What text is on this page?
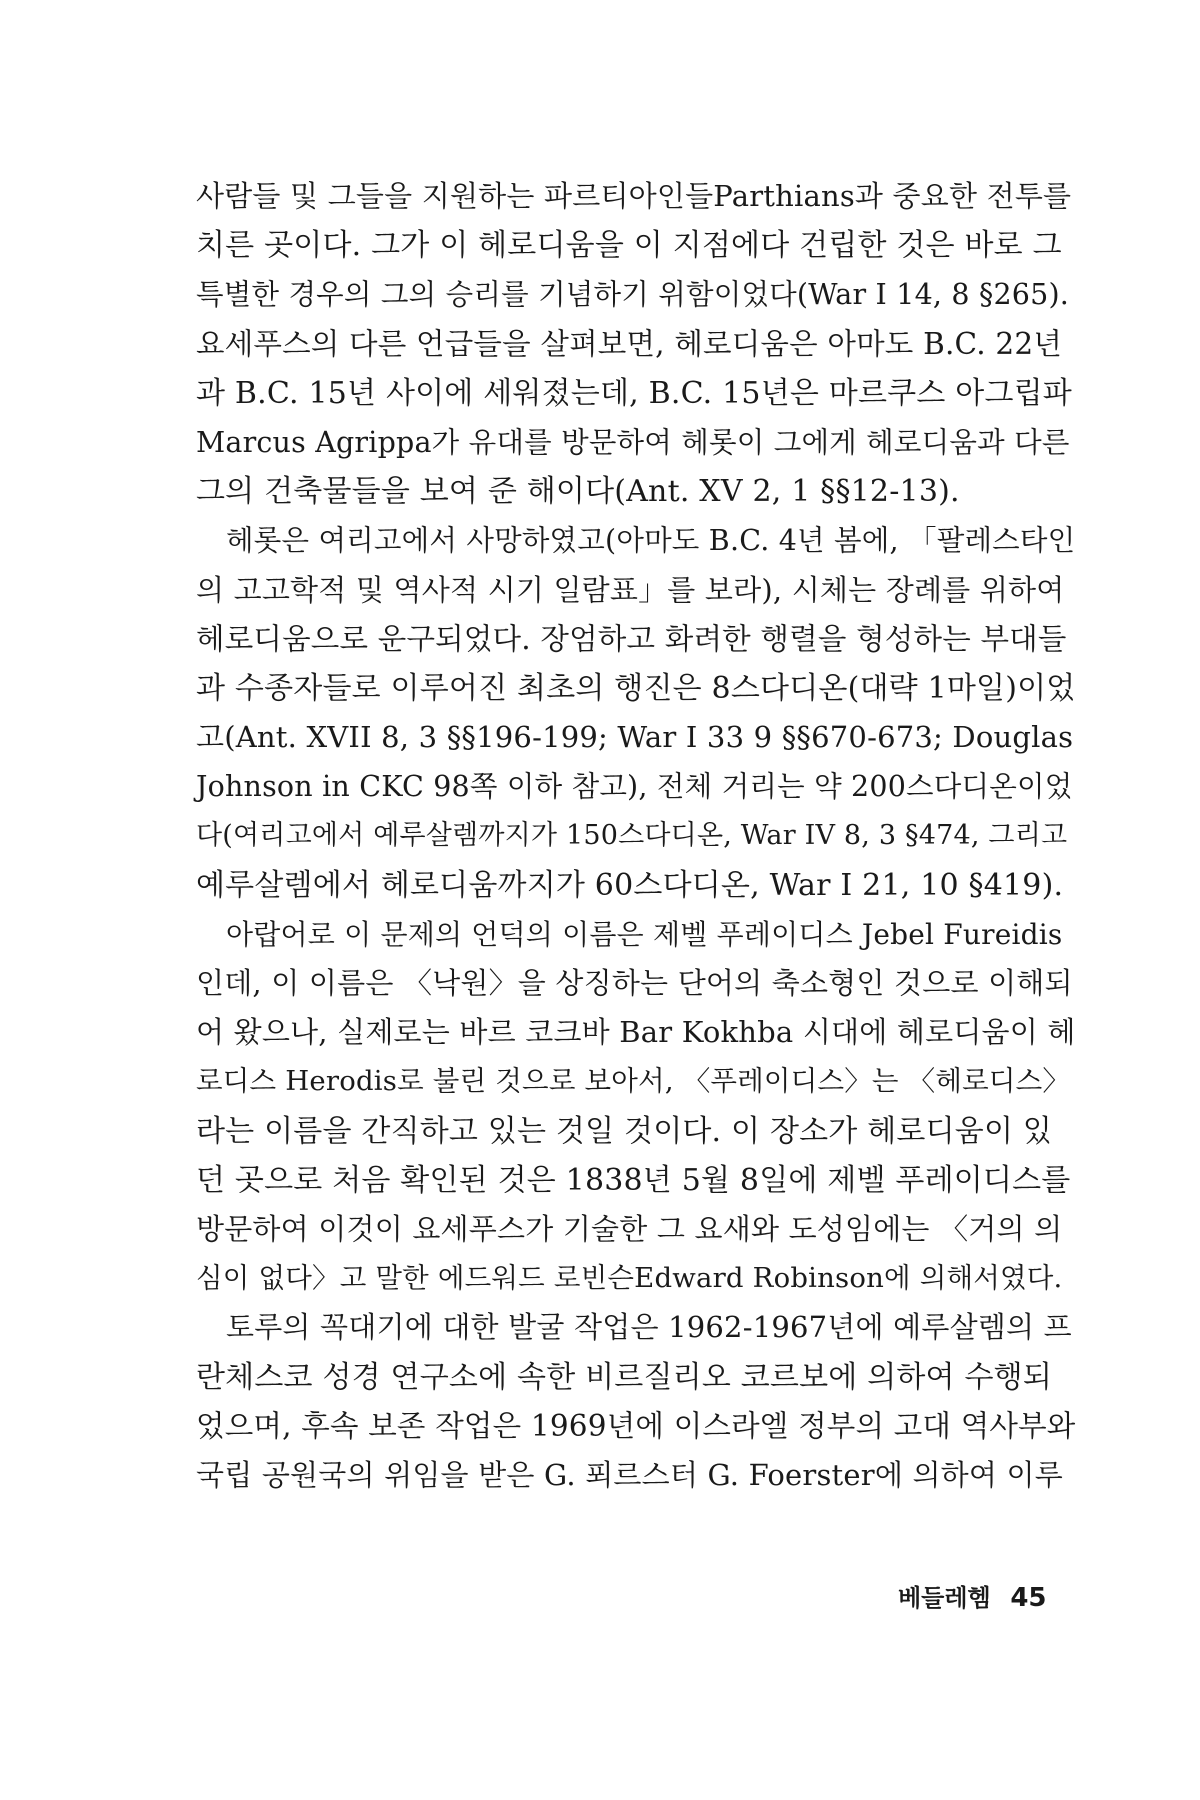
사람들 및 그들을 지원하는 파르티아인들Parthians과 중요한 전투를
치른 곳이다. 그가 이 헤로디움을 이 지점에다 건립한 것은 바로 그
특별한 경우의 그의 승리를 기념하기 위함이었다(War I 14, 8 §265).
요세푸스의 다른 언급들을 살펴보면, 헤로디움은 아마도 B.C. 22년
과 B.C. 15년 사이에 세워졌는데, B.C. 15년은 마르쿠스 아그립파
Marcus Agrippa가 유대를 방문하여 헤롯이 그에게 헤로디움과 다른
그의 건축물들을 보여 준 해이다(Ant. XV 2, 1 §§12-13).
헤롯은 여리고에서 사망하였고(아마도 B.C. 4년 봄에, 「팔레스타인
의 고고학적 및 역사적 시기 일람표」를 보라), 시체는 장례를 위하여
헤로디움으로 운구되었다. 장엄하고 화려한 행렬을 형성하는 부대들
과 수종자들로 이루어진 최초의 행진은 8스다디온(대략 1마일)이었
고(Ant. XVII 8, 3 §§196-199; War I 33 9 §§670-673; Douglas
Johnson in CKC 98쪽 이하 참고), 전체 거리는 약 200스다디온이었
다(여리고에서 예루살렘까지가 150스다디온, War IV 8, 3 §474, 그리고
예루살렘에서 헤로디움까지가 60스다디온, War I 21, 10 §419).
아랍어로 이 문제의 언덕의 이름은 제벨 푸레이디스 Jebel Fureidis
인데, 이 이름은 〈낙원〉을 상징하는 단어의 축소형인 것으로 이해되
어 왔으나, 실제로는 바르 코크바 Bar Kokhba 시대에 헤로디움이 헤
로디스 Herodis로 불린 것으로 보아서, 〈푸레이디스〉는 〈헤로디스〉
라는 이름을 간직하고 있는 것일 것이다. 이 장소가 헤로디움이 있
던 곳으로 처음 확인된 것은 1838년 5월 8일에 제벨 푸레이디스를
방문하여 이것이 요세푸스가 기술한 그 요새와 도성임에는 〈거의 의
심이 없다〉고 말한 에드워드 로빈슨Edward Robinson에 의해서였다.
토루의 꼭대기에 대한 발굴 작업은 1962-1967년에 예루살렘의 프
란체스코 성경 연구소에 속한 비르질리오 코르보에 의하여 수행되
었으며, 후속 보존 작업은 1969년에 이스라엘 정부의 고대 역사부와
국립 공원국의 위임을 받은 G. 푀르스터 G. Foerster에 의하여 이루
베들레헴 45
